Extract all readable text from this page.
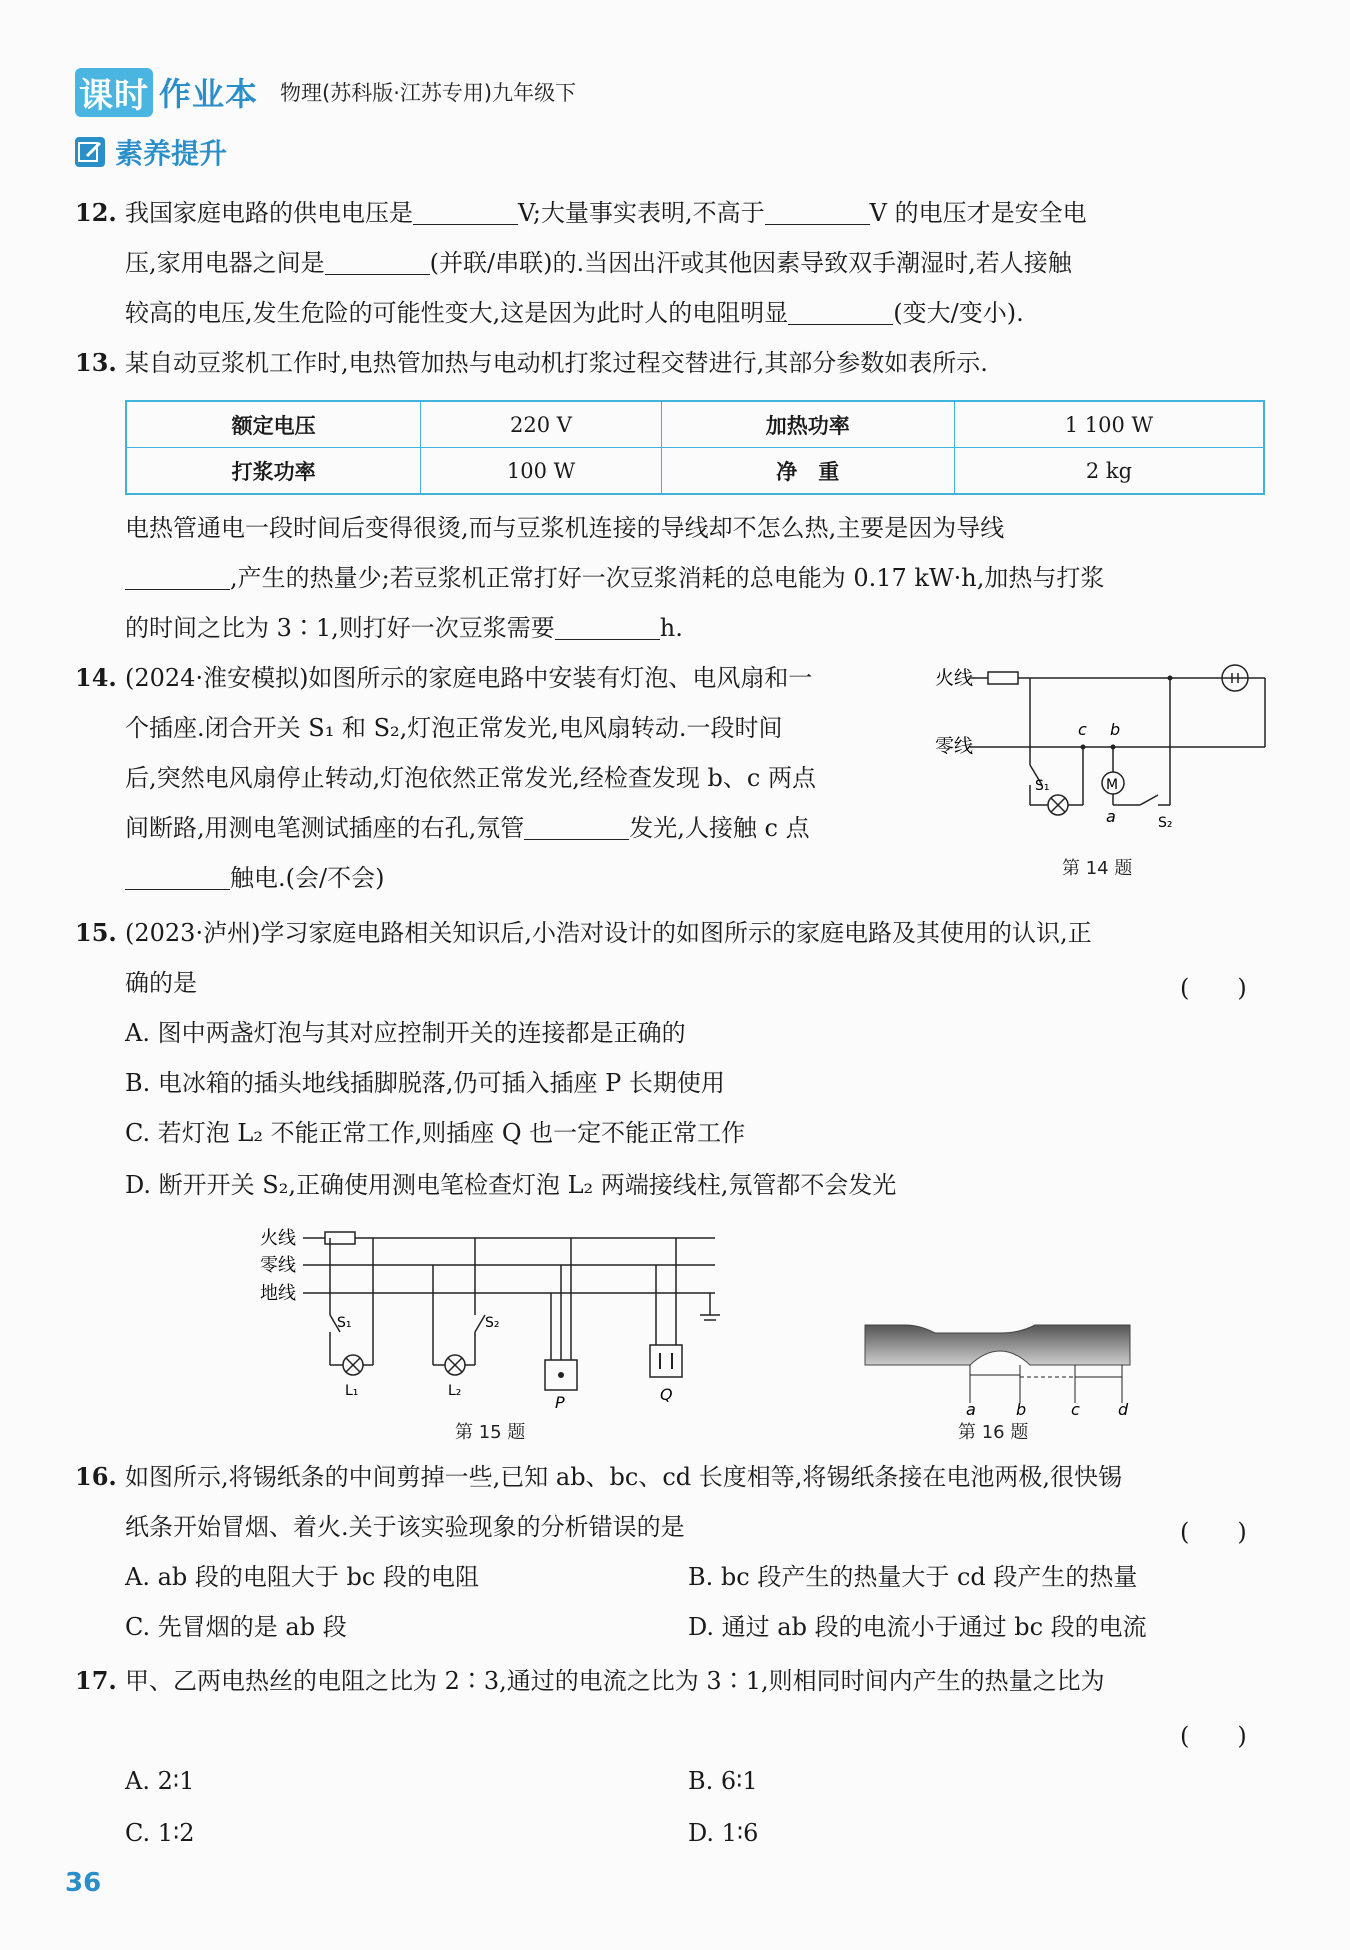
课时 作业本 物理(苏科版·江苏专用)九年级下
素养提升
12. 我国家庭电路的供电电压是	V;大量事实表明,不高于	V 的电压才是安全电
压,家用电器之间是	(并联/串联)的.当因出汗或其他因素导致双手潮湿时,若人接触
较高的电压,发生危险的可能性变大,这是因为此时人的电阻明显	(变大/变小).
13. 某自动豆浆机工作时,电热管加热与电动机打浆过程交替进行,其部分参数如表所示.
额定电压	220 V	加热功率	1 100 W
打浆功率	100 W	净　重	2 kg
电热管通电一段时间后变得很烫,而与豆浆机连接的导线却不怎么热,主要是因为导线
,产生的热量少;若豆浆机正常打好一次豆浆消耗的总电能为 0.17 kW·h,加热与打浆
的时间之比为 3∶1,则打好一次豆浆需要	h.
14. (2024·淮安模拟)如图所示的家庭电路中安装有灯泡、电风扇和一
个插座.闭合开关 S₁ 和 S₂,灯泡正常发光,电风扇转动.一段时间
后,突然电风扇停止转动,灯泡依然正常发光,经检查发现 b、c 两点
间断路,用测电笔测试插座的右孔,氖管	发光,人接触 c 点
触电.(会/不会)
火线
零线
S₁
c b
M
a	S₂
第 14 题
15. (2023·泸州)学习家庭电路相关知识后,小浩对设计的如图所示的家庭电路及其使用的认识,正
确的是	(　　)
A. 图中两盏灯泡与其对应控制开关的连接都是正确的
B. 电冰箱的插头地线插脚脱落,仍可插入插座 P 长期使用
C. 若灯泡 L₂ 不能正常工作,则插座 Q 也一定不能正常工作
D. 断开开关 S₂,正确使用测电笔检查灯泡 L₂ 两端接线柱,氖管都不会发光
火线
零线
地线
S₁
L₁	L₂
S₂
P	Q
第 15 题
a	b	c d
第 16 题
16. 如图所示,将锡纸条的中间剪掉一些,已知 ab、bc、cd 长度相等,将锡纸条接在电池两极,很快锡
纸条开始冒烟、着火.关于该实验现象的分析错误的是	(　　)
A. ab 段的电阻大于 bc 段的电阻	B. bc 段产生的热量大于 cd 段产生的热量
C. 先冒烟的是 ab 段	D. 通过 ab 段的电流小于通过 bc 段的电流
17. 甲、乙两电热丝的电阻之比为 2∶3,通过的电流之比为 3∶1,则相同时间内产生的热量之比为
(　　)
A. 2∶1	B. 6∶1
C. 1∶2	D. 1∶6
36
